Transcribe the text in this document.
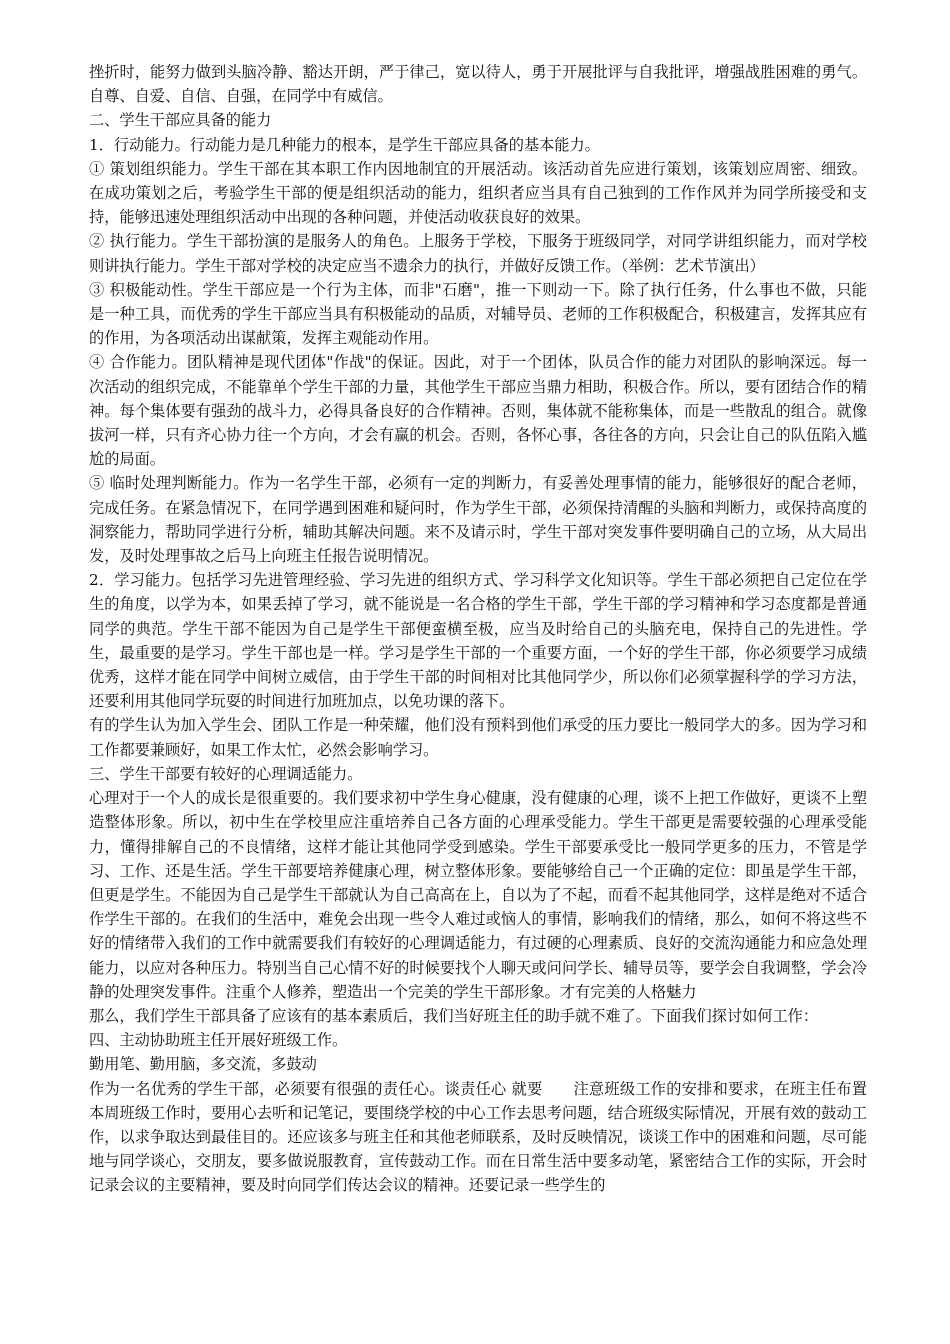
挫折时，能努力做到头脑冷静、豁达开朗，严于律己，宽以待人，勇于开展批评与自我批评，增强战胜困难的勇气。自尊、自爱、自信、自强，在同学中有威信。

二、学生干部应具备的能力

1．行动能力。行动能力是几种能力的根本，是学生干部应具备的基本能力。

① 策划组织能力。学生干部在其本职工作内因地制宜的开展活动。该活动首先应进行策划，该策划应周密、细致。在成功策划之后，考验学生干部的便是组织活动的能力，组织者应当具有自己独到的工作作风并为同学所接受和支持，能够迅速处理组织活动中出现的各种问题，并使活动收获良好的效果。

② 执行能力。学生干部扮演的是服务人的角色。上服务于学校，下服务于班级同学，对同学讲组织能力，而对学校则讲执行能力。学生干部对学校的决定应当不遗余力的执行，并做好反馈工作。（举例：艺术节演出）

③ 积极能动性。学生干部应是一个行为主体，而非"石磨"，推一下则动一下。除了执行任务，什么事也不做，只能是一种工具，而优秀的学生干部应当具有积极能动的品质，对辅导员、老师的工作积极配合，积极建言，发挥其应有的作用，为各项活动出谋献策，发挥主观能动作用。

④ 合作能力。团队精神是现代团体"作战"的保证。因此，对于一个团体，队员合作的能力对团队的影响深远。每一次活动的组织完成，不能靠单个学生干部的力量，其他学生干部应当鼎力相助，积极合作。所以，要有团结合作的精神。每个集体要有强劲的战斗力，必得具备良好的合作精神。否则，集体就不能称集体，而是一些散乱的组合。就像拔河一样，只有齐心协力往一个方向，才会有赢的机会。否则，各怀心事，各往各的方向，只会让自己的队伍陷入尴尬的局面。

⑤ 临时处理判断能力。作为一名学生干部，必须有一定的判断力，有妥善处理事情的能力，能够很好的配合老师，完成任务。在紧急情况下，在同学遇到困难和疑问时，作为学生干部，必须保持清醒的头脑和判断力，或保持高度的洞察能力，帮助同学进行分析，辅助其解决问题。来不及请示时，学生干部对突发事件要明确自己的立场，从大局出发，及时处理事故之后马上向班主任报告说明情况。

2．学习能力。包括学习先进管理经验、学习先进的组织方式、学习科学文化知识等。学生干部必须把自己定位在学生的角度，以学为本，如果丢掉了学习，就不能说是一名合格的学生干部，学生干部的学习精神和学习态度都是普通同学的典范。学生干部不能因为自己是学生干部便蛮横至极，应当及时给自己的头脑充电，保持自己的先进性。学生，最重要的是学习。学生干部也是一样。学习是学生干部的一个重要方面，一个好的学生干部，你必须要学习成绩优秀，这样才能在同学中间树立威信，由于学生干部的时间相对比其他同学少，所以你们必须掌握科学的学习方法，还要利用其他同学玩耍的时间进行加班加点，以免功课的落下。

有的学生认为加入学生会、团队工作是一种荣耀，他们没有预料到他们承受的压力要比一般同学大的多。因为学习和工作都要兼顾好，如果工作太忙，必然会影响学习。

三、学生干部要有较好的心理调适能力。

心理对于一个人的成长是很重要的。我们要求初中学生身心健康，没有健康的心理，谈不上把工作做好，更谈不上塑造整体形象。所以，初中生在学校里应注重培养自己各方面的心理承受能力。学生干部更是需要较强的心理承受能力，懂得排解自己的不良情绪，这样才能让其他同学受到感染。学生干部要承受比一般同学更多的压力，不管是学习、工作、还是生活。学生干部要培养健康心理，树立整体形象。要能够给自己一个正确的定位：即虽是学生干部，但更是学生。不能因为自己是学生干部就认为自己高高在上，自以为了不起，而看不起其他同学，这样是绝对不适合作学生干部的。在我们的生活中，难免会出现一些令人难过或恼人的事情，影响我们的情绪，那么，如何不将这些不好的情绪带入我们的工作中就需要我们有较好的心理调适能力，有过硬的心理素质、良好的交流沟通能力和应急处理能力，以应对各种压力。特别当自己心情不好的时候要找个人聊天或问问学长、辅导员等，要学会自我调整，学会冷静的处理突发事件。注重个人修养，塑造出一个完美的学生干部形象。才有完美的人格魅力

那么，我们学生干部具备了应该有的基本素质后，我们当好班主任的助手就不难了。下面我们探讨如何工作：

四、主动协助班主任开展好班级工作。

勤用笔、勤用脑，多交流，多鼓动

作为一名优秀的学生干部，必须要有很强的责任心。谈责任心 就要　　注意班级工作的安排和要求，在班主任布置本周班级工作时，要用心去听和记笔记，要围绕学校的中心工作去思考问题，结合班级实际情况，开展有效的鼓动工作，以求争取达到最佳目的。还应该多与班主任和其他老师联系，及时反映情况，谈谈工作中的困难和问题，尽可能地与同学谈心，交朋友，要多做说服教育，宣传鼓动工作。而在日常生活中要多动笔，紧密结合工作的实际，开会时记录会议的主要精神，要及时向同学们传达会议的精神。还要记录一些学生的
